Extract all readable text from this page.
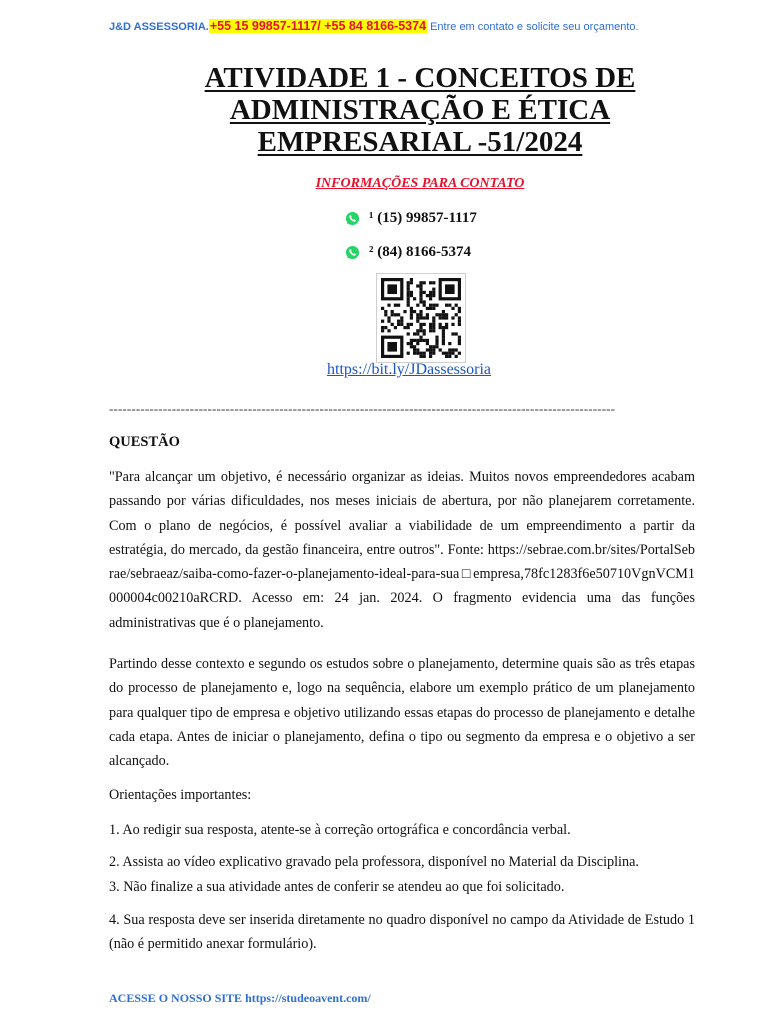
J&D ASSESSORIA.+55 15 99857-1117/ +55 84 8166-5374 Entre em contato e solicite seu orçamento.
ATIVIDADE 1 - CONCEITOS DE
ADMINISTRAÇÃO E ÉTICA
EMPRESARIAL -51/2024
INFORMAÇÕES PARA CONTATO
¹ (15) 99857-1117
² (84) 8166-5374
https://bit.ly/JDassessoria
-----------------------------------------------------------------------------------------------------------------
QUESTÃO

"Para alcançar um objetivo, é necessário organizar as ideias. Muitos novos empreendedores acabam passando por várias dificuldades, nos meses iniciais de abertura, por não planejarem corretamente. Com o plano de negócios, é possível avaliar a viabilidade de um empreendimento a partir da estratégia, do mercado, da gestão financeira, entre outros". Fonte: https://sebrae.com.br/sites/PortalSebrae/sebraeaz/saiba-como-fazer-o-planejamento-ideal-para-sua□empresa,78fc1283f6e50710VgnVCM1000004c00210aRCRD. Acesso em: 24 jan. 2024. O fragmento evidencia uma das funções administrativas que é o planejamento.

Partindo desse contexto e segundo os estudos sobre o planejamento, determine quais são as três etapas do processo de planejamento e, logo na sequência, elabore um exemplo prático de um planejamento para qualquer tipo de empresa e objetivo utilizando essas etapas do processo de planejamento e detalhe cada etapa. Antes de iniciar o planejamento, defina o tipo ou segmento da empresa e o objetivo a ser alcançado.

Orientações importantes:
1. Ao redigir sua resposta, atente-se à correção ortográfica e concordância verbal.
2. Assista ao vídeo explicativo gravado pela professora, disponível no Material da Disciplina.
3. Não finalize a sua atividade antes de conferir se atendeu ao que foi solicitado.
4. Sua resposta deve ser inserida diretamente no quadro disponível no campo da Atividade de Estudo 1 (não é permitido anexar formulário).
ACESSE O NOSSO SITE https://studeoavent.com/
